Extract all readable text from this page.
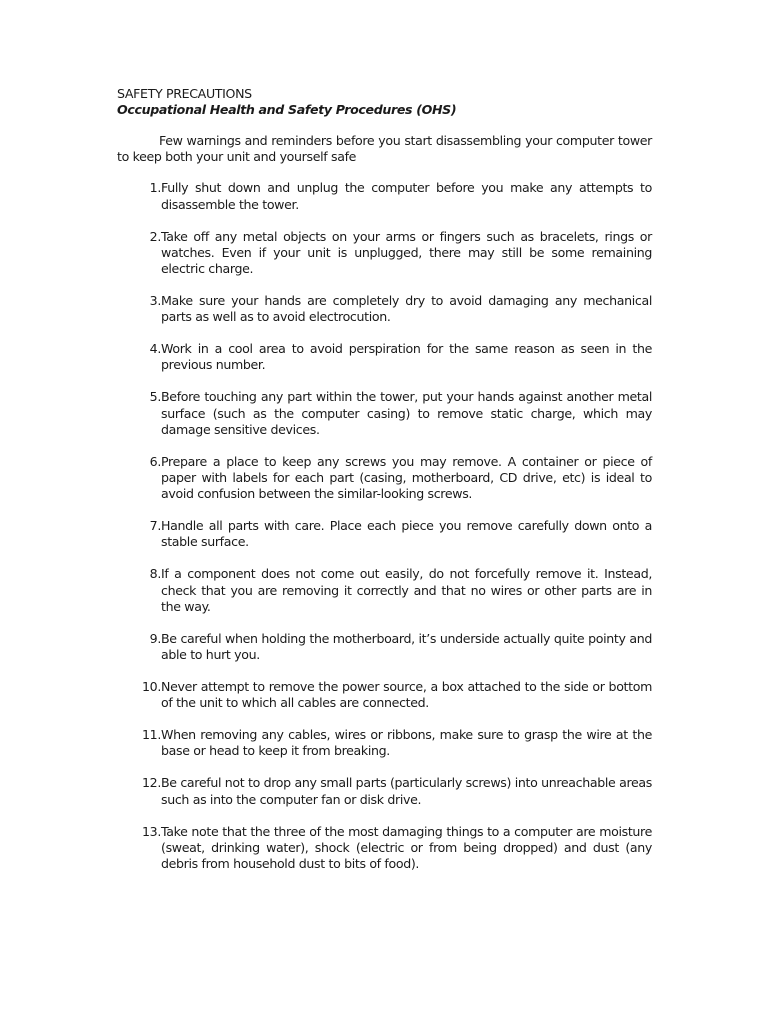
SAFETY PRECAUTIONS
Occupational Health and Safety Procedures (OHS)

Few warnings and reminders before you start disassembling your computer tower to keep both your unit and yourself safe

1. Fully shut down and unplug the computer before you make any attempts to disassemble the tower.
2. Take off any metal objects on your arms or fingers such as bracelets, rings or watches. Even if your unit is unplugged, there may still be some remaining electric charge.
3. Make sure your hands are completely dry to avoid damaging any mechanical parts as well as to avoid electrocution.
4. Work in a cool area to avoid perspiration for the same reason as seen in the previous number.
5. Before touching any part within the tower, put your hands against another metal surface (such as the computer casing) to remove static charge, which may damage sensitive devices.
6. Prepare a place to keep any screws you may remove. A container or piece of paper with labels for each part (casing, motherboard, CD drive, etc) is ideal to avoid confusion between the similar-looking screws.
7. Handle all parts with care. Place each piece you remove carefully down onto a stable surface.
8. If a component does not come out easily, do not forcefully remove it. Instead, check that you are removing it correctly and that no wires or other parts are in the way.
9. Be careful when holding the motherboard, it’s underside actually quite pointy and able to hurt you.
10. Never attempt to remove the power source, a box attached to the side or bottom of the unit to which all cables are connected.
11. When removing any cables, wires or ribbons, make sure to grasp the wire at the base or head to keep it from breaking.
12. Be careful not to drop any small parts (particularly screws) into unreachable areas such as into the computer fan or disk drive.
13. Take note that the three of the most damaging things to a computer are moisture (sweat, drinking water), shock (electric or from being dropped) and dust (any debris from household dust to bits of food).
